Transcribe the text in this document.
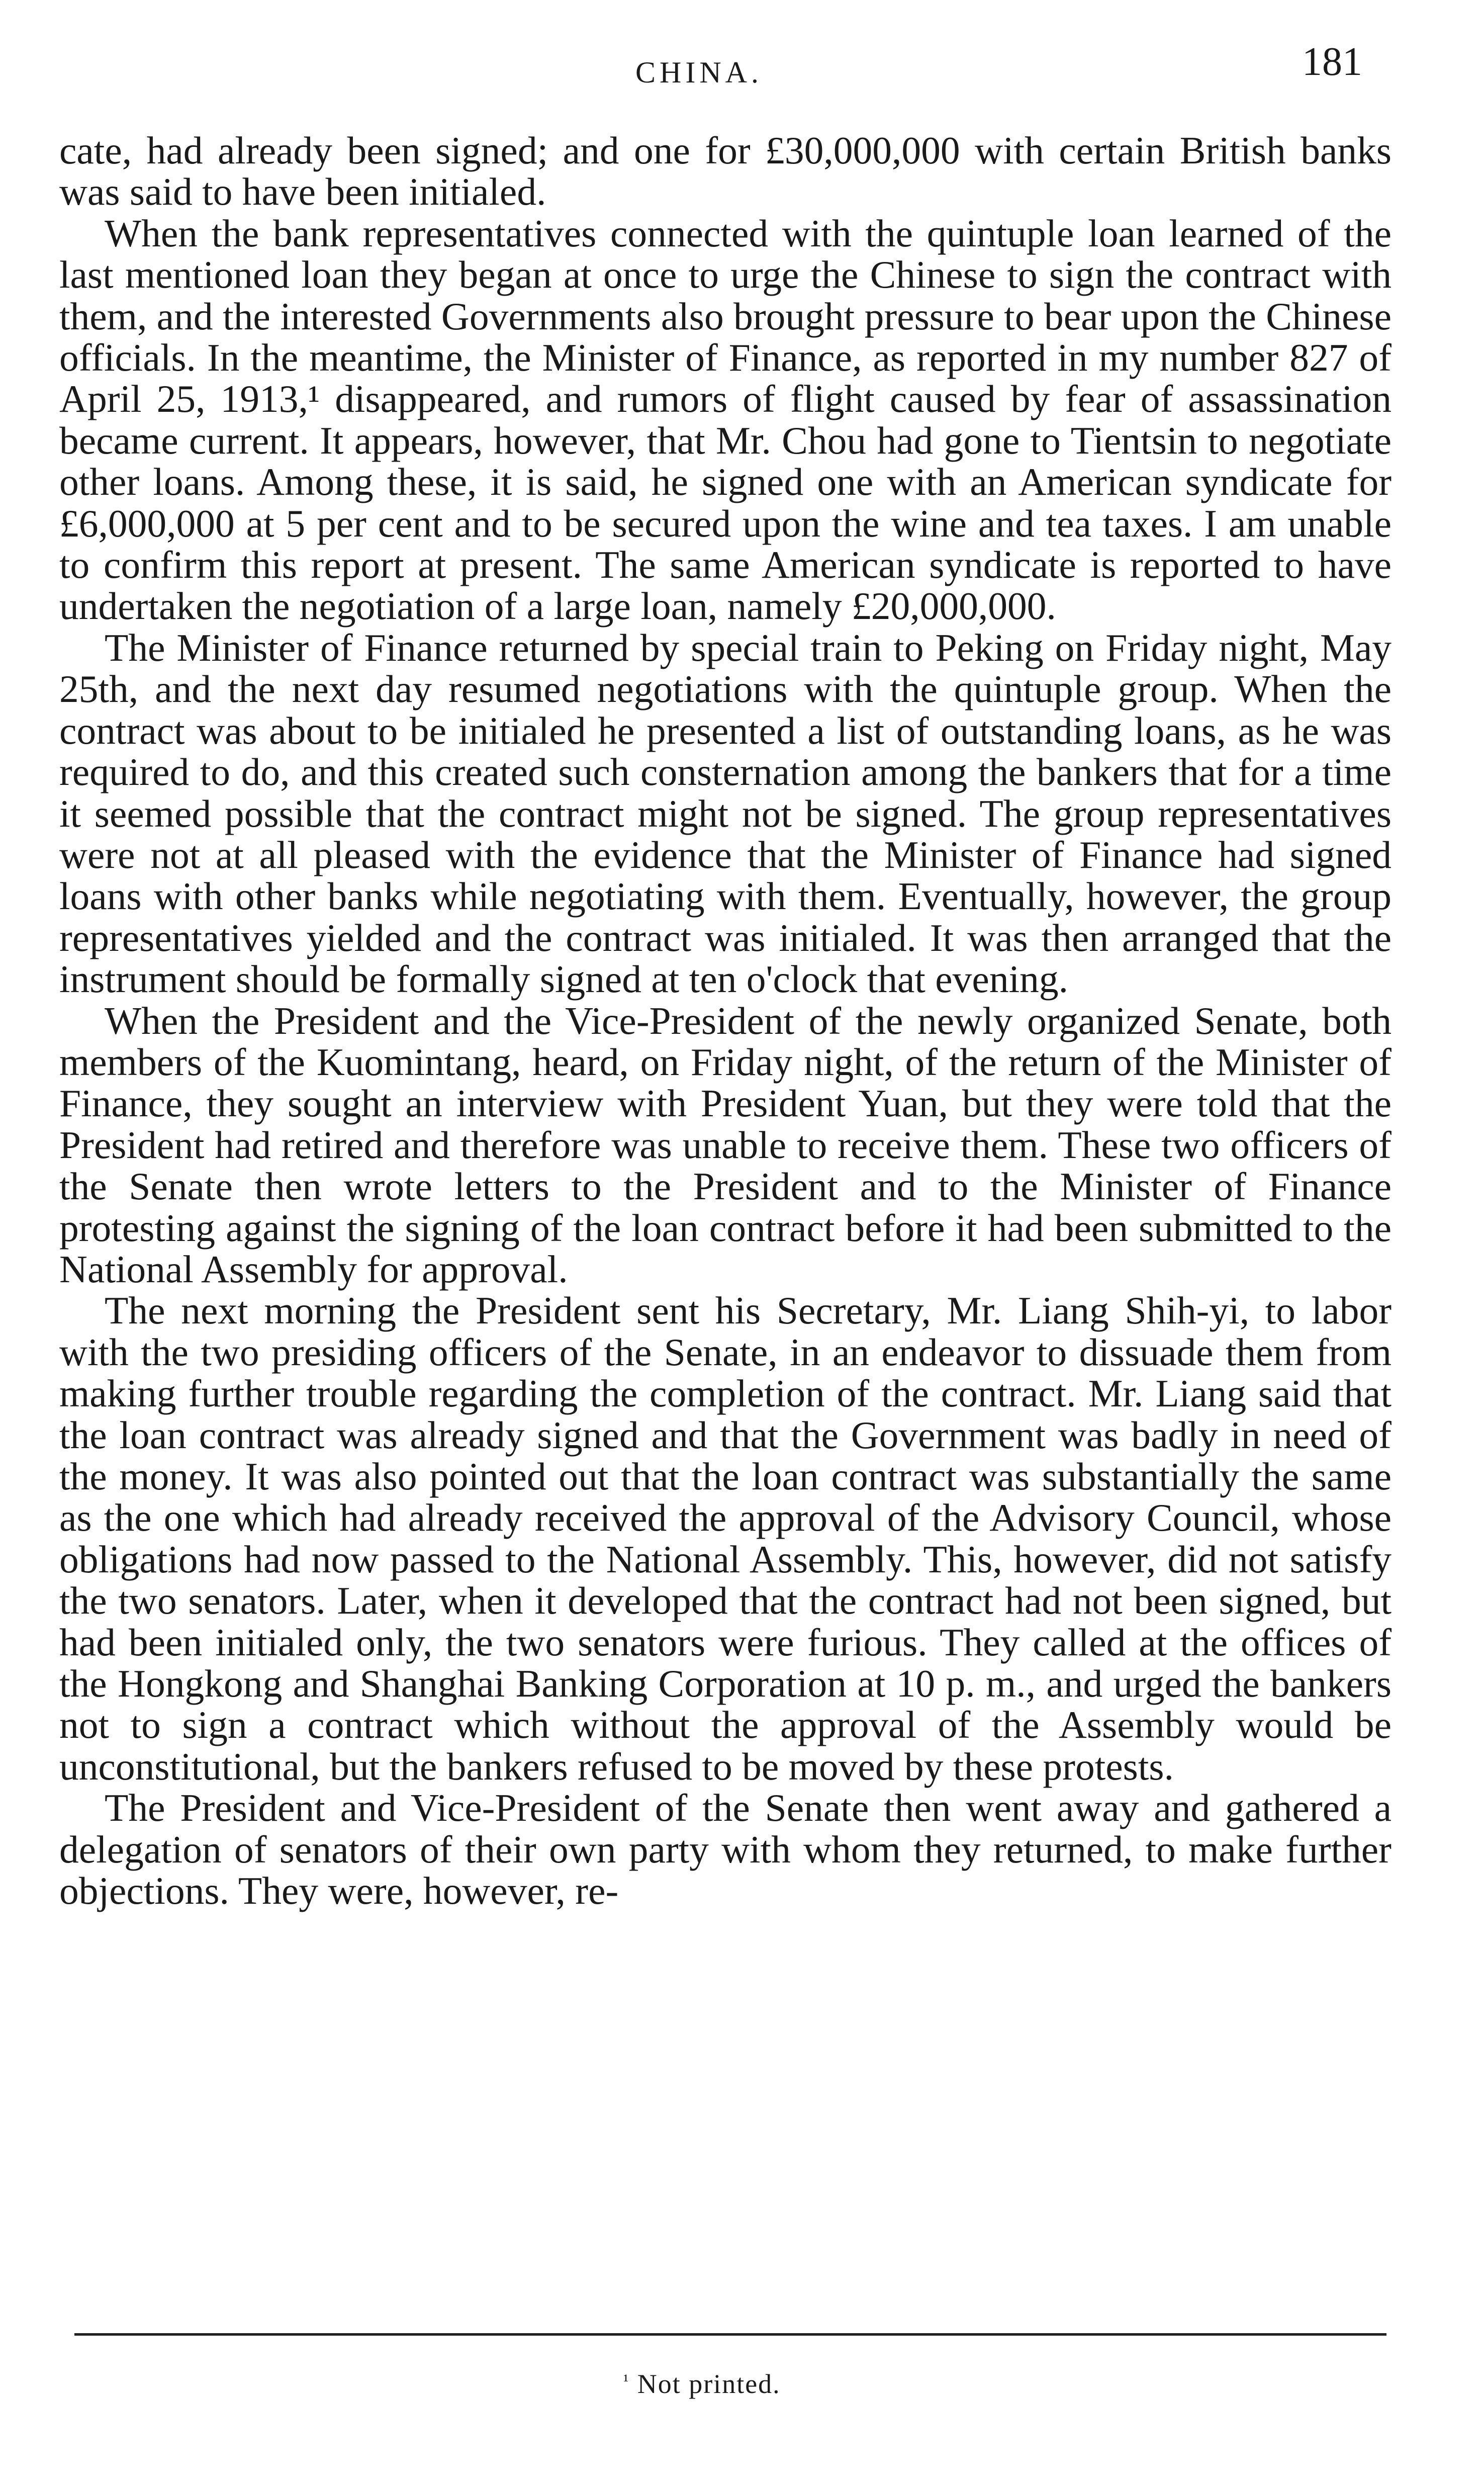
CHINA.	181

cate, had already been signed; and one for £30,000,000 with certain British banks was said to have been initialed.

When the bank representatives connected with the quintuple loan learned of the last mentioned loan they began at once to urge the Chinese to sign the contract with them, and the interested Governments also brought pressure to bear upon the Chinese officials. In the meantime, the Minister of Finance, as reported in my number 827 of April 25, 1913,¹ disappeared, and rumors of flight caused by fear of assassination became current. It appears, however, that Mr. Chou had gone to Tientsin to negotiate other loans. Among these, it is said, he signed one with an American syndicate for £6,000,000 at 5 per cent and to be secured upon the wine and tea taxes. I am unable to confirm this report at present. The same American syndicate is reported to have undertaken the negotiation of a large loan, namely £20,000,000.

The Minister of Finance returned by special train to Peking on Friday night, May 25th, and the next day resumed negotiations with the quintuple group. When the contract was about to be initialed he presented a list of outstanding loans, as he was required to do, and this created such consternation among the bankers that for a time it seemed possible that the contract might not be signed. The group representatives were not at all pleased with the evidence that the Minister of Finance had signed loans with other banks while negotiating with them. Eventually, however, the group representatives yielded and the contract was initialed. It was then arranged that the instrument should be formally signed at ten o'clock that evening.

When the President and the Vice-President of the newly organized Senate, both members of the Kuomintang, heard, on Friday night, of the return of the Minister of Finance, they sought an interview with President Yuan, but they were told that the President had retired and therefore was unable to receive them. These two officers of the Senate then wrote letters to the President and to the Minister of Finance protesting against the signing of the loan contract before it had been submitted to the National Assembly for approval.

The next morning the President sent his Secretary, Mr. Liang Shih-yi, to labor with the two presiding officers of the Senate, in an endeavor to dissuade them from making further trouble regarding the completion of the contract. Mr. Liang said that the loan contract was already signed and that the Government was badly in need of the money. It was also pointed out that the loan contract was substantially the same as the one which had already received the approval of the Advisory Council, whose obligations had now passed to the National Assembly. This, however, did not satisfy the two senators. Later, when it developed that the contract had not been signed, but had been initialed only, the two senators were furious. They called at the offices of the Hongkong and Shanghai Banking Corporation at 10 p. m., and urged the bankers not to sign a contract which without the approval of the Assembly would be unconstitutional, but the bankers refused to be moved by these protests.

The President and Vice-President of the Senate then went away and gathered a delegation of senators of their own party with whom they returned, to make further objections. They were, however, re-

$^{^1}$ Not printed.
